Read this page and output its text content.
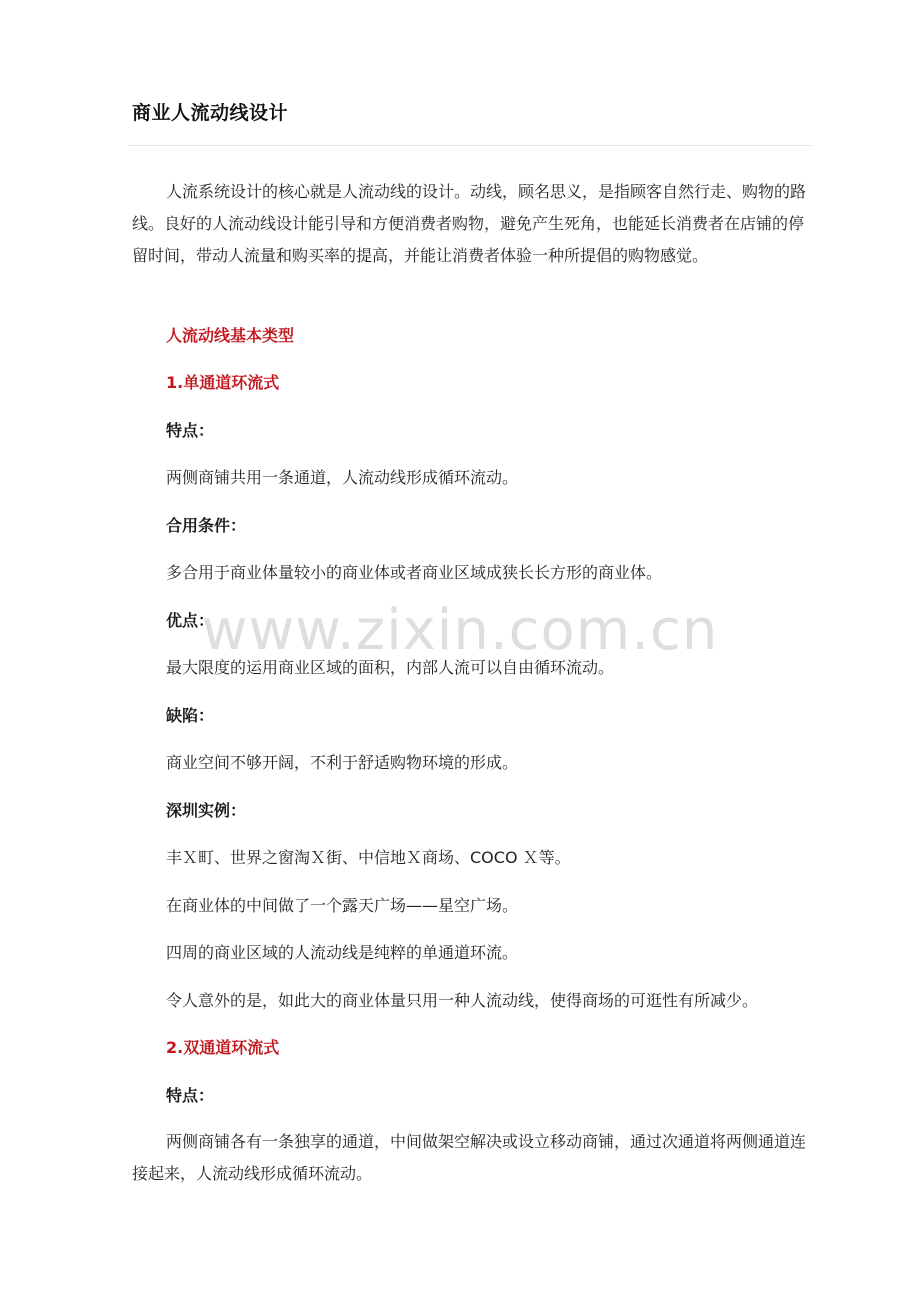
商业人流动线设计

人流系统设计的核心就是人流动线的设计。动线，顾名思义，是指顾客自然行走、购物的路线。良好的人流动线设计能引导和方便消费者购物，避免产生死角，也能延长消费者在店铺的停留时间，带动人流量和购买率的提高，并能让消费者体验一种所提倡的购物感觉。

人流动线基本类型

1.单通道环流式

特点：

两侧商铺共用一条通道，人流动线形成循环流动。

合用条件：

多合用于商业体量较小的商业体或者商业区域成狭长长方形的商业体。

优点：

最大限度的运用商业区域的面积，内部人流可以自由循环流动。

缺陷：

商业空间不够开阔，不利于舒适购物环境的形成。

深圳实例：

丰Ｘ町、世界之窗淘Ｘ街、中信地Ｘ商场、COCO Ｘ等。

在商业体的中间做了一个露天广场——星空广场。

四周的商业区域的人流动线是纯粹的单通道环流。

令人意外的是，如此大的商业体量只用一种人流动线，使得商场的可逛性有所减少。

2.双通道环流式

特点：

两侧商铺各有一条独享的通道，中间做架空解决或设立移动商铺，通过次通道将两侧通道连接起来，人流动线形成循环流动。

www.zixin.com.cn
